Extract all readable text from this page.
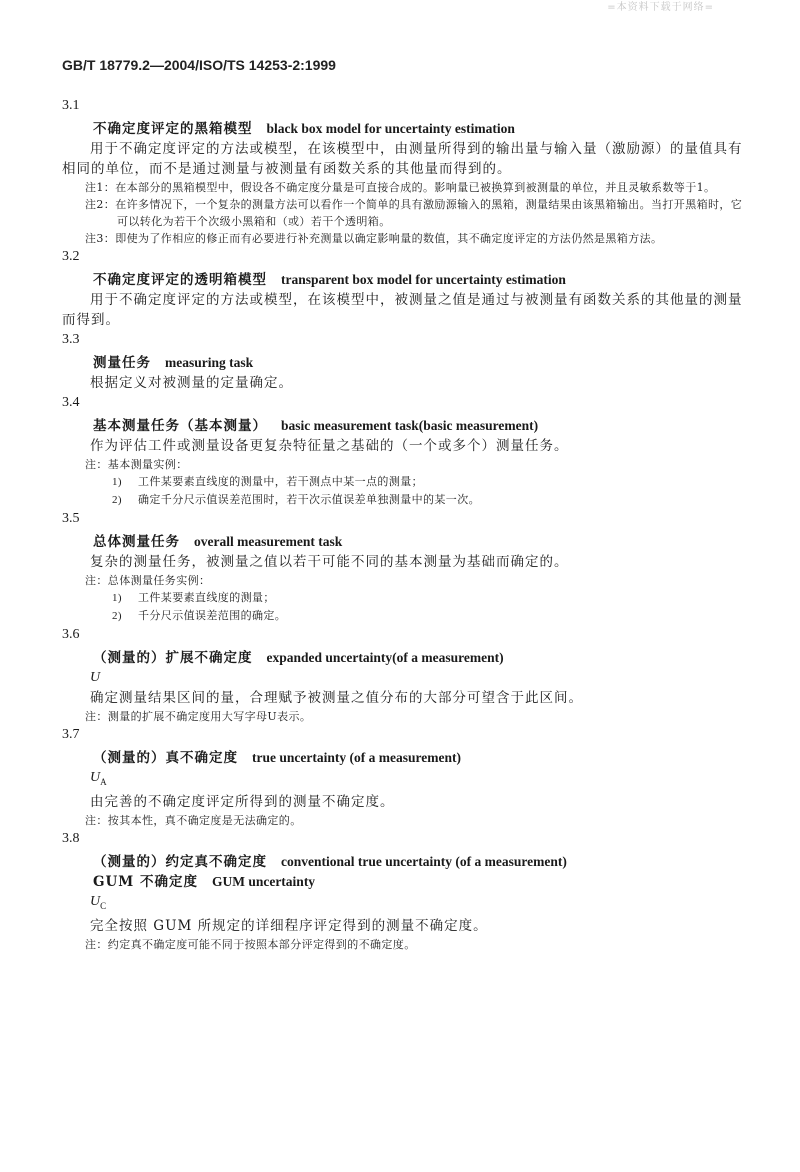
=本资料下载于网络=
GB/T 18779.2—2004/ISO/TS 14253-2:1999
3.1
不确定度评定的黑箱模型 black box model for uncertainty estimation
用于不确定度评定的方法或模型，在该模型中，由测量所得到的输出量与输入量（激励源）的量值具有相同的单位，而不是通过测量与被测量有函数关系的其他量而得到的。
注1：在本部分的黑箱模型中，假设各不确定度分量是可直接合成的。影响量已被换算到被测量的单位，并且灵敏系数等于1。
注2：在许多情况下，一个复杂的测量方法可以看作一个简单的具有激励源输入的黑箱，测量结果由该黑箱输出。当打开黑箱时，它可以转化为若干个次级小黑箱和（或）若干个透明箱。
注3：即使为了作相应的修正而有必要进行补充测量以确定影响量的数值，其不确定度评定的方法仍然是黑箱方法。
3.2
不确定度评定的透明箱模型 transparent box model for uncertainty estimation
用于不确定度评定的方法或模型，在该模型中，被测量之值是通过与被测量有函数关系的其他量的测量而得到。
3.3
测量任务 measuring task
根据定义对被测量的定量确定。
3.4
基本测量任务（基本测量） basic measurement task(basic measurement)
作为评估工件或测量设备更复杂特征量之基础的（一个或多个）测量任务。
注：基本测量实例：
1) 工件某要素直线度的测量中，若干测点中某一点的测量；
2) 确定千分尺示值误差范围时，若干次示值误差单独测量中的某一次。
3.5
总体测量任务 overall measurement task
复杂的测量任务，被测量之值以若干可能不同的基本测量为基础而确定的。
注：总体测量任务实例：
1) 工件某要素直线度的测量；
2) 千分尺示值误差范围的确定。
3.6
（测量的）扩展不确定度 expanded uncertainty(of a measurement)
U
确定测量结果区间的量，合理赋予被测量之值分布的大部分可望含于此区间。
注：测量的扩展不确定度用大写字母U表示。
3.7
（测量的）真不确定度 true uncertainty (of a measurement)
$U_A$
由完善的不确定度评定所得到的测量不确定度。
注：按其本性，真不确定度是无法确定的。
3.8
（测量的）约定真不确定度 conventional true uncertainty (of a measurement)
GUM 不确定度 GUM uncertainty
$U_C$
完全按照 GUM 所规定的详细程序评定得到的测量不确定度。
注：约定真不确定度可能不同于按照本部分评定得到的不确定度。
